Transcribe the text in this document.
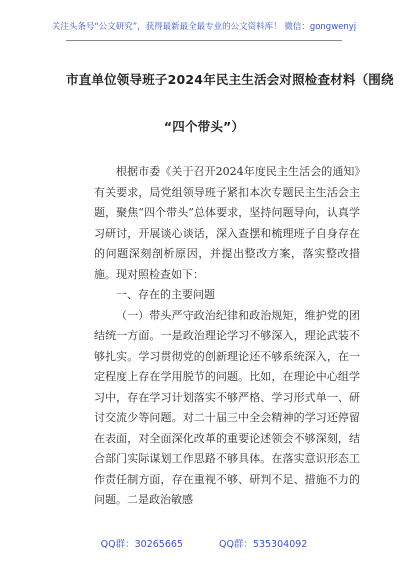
关注头条号“公文研究”，获得最新最全最专业的公文资料库！ 微信：gongwenyj
市直单位领导班子2024年民主生活会对照检查材料（围绕
“四个带头”）

根据市委《关于召开2024年度民主生活会的通知》有关要求，局党组领导班子紧扣本次专题民主生活会主题，聚焦“四个带头”总体要求，坚持问题导向，认真学习研讨，开展谈心谈话，深入查摆和梳理班子自身存在的问题深刻剖析原因，并提出整改方案，落实整改措施。现对照检查如下：

一、存在的主要问题

（一）带头严守政治纪律和政治规矩，维护党的团结统一方面。一是政治理论学习不够深入，理论武装不够扎实。学习贯彻党的创新理论还不够系统深入，在一定程度上存在学用脱节的问题。比如，在理论中心组学习中，存在学习计划落实不够严格、学习形式单一、研讨交流少等问题。对二十届三中全会精神的学习还停留在表面，对全面深化改革的重要论述领会不够深刻，结合部门实际谋划工作思路不够具体。在落实意识形态工作责任制方面，存在重视不够、研判不足、措施不力的问题。二是政治敏感

QQ群：30265665	QQ群：535304092
